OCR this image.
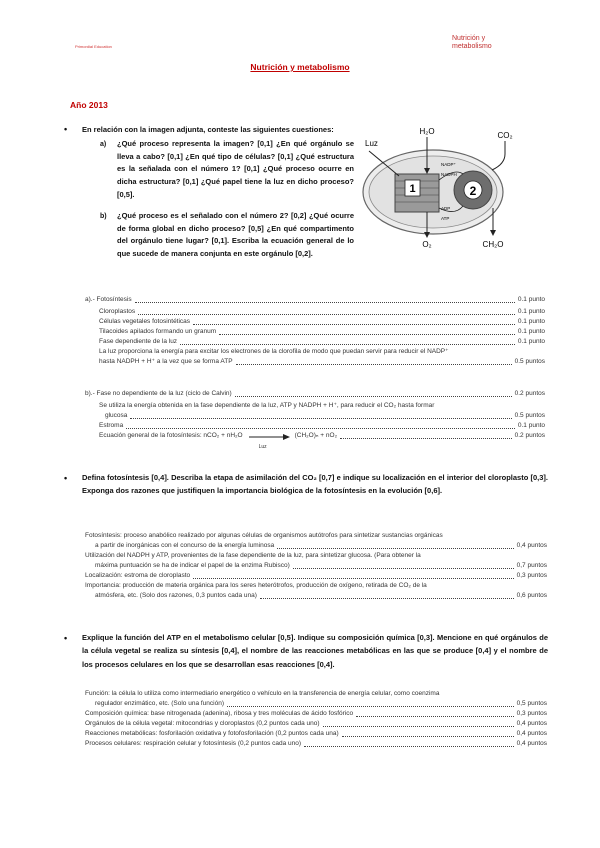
Primordial Education
Nutrición y metabolismo
Nutrición y metabolismo
Año 2013
• En relación con la imagen adjunta, conteste las siguientes cuestiones:
a) ¿Qué proceso representa la imagen? [0,1] ¿En qué orgánulo se lleva a cabo? [0,1] ¿En qué tipo de células? [0,1] ¿Qué estructura es la señalada con el número 1? [0,1] ¿Qué proceso ocurre en dicha estructura? [0,1] ¿Qué papel tiene la luz en dicho proceso? [0,5].
b) ¿Qué proceso es el señalado con el número 2? [0,2] ¿Qué ocurre de forma global en dicho proceso? [0,5] ¿En qué compartimento del orgánulo tiene lugar? [0,1]. Escriba la ecuación general de lo que sucede de manera conjunta en este orgánulo [0,2].
1	2
H₂O	CO₂
Luz
NADP⁺
NADPH
ADP
ATP
O₂	CH₂O
a).- Fotosíntesis	0.1 punto
Cloroplastos	0.1 punto
Células vegetales fotosintéticas	0.1 punto
Tilacoides apilados formando un granum	0.1 punto
Fase dependiente de la luz	0.1 punto
La luz proporciona la energía para excitar los electrones de la clorofila de modo que puedan servir para reducir el NADP⁺
hasta NADPH + H⁺ a la vez que se forma ATP	0.5 puntos
b).- Fase no dependiente de la luz (ciclo de Calvin)	0.2 puntos
Se utiliza la energía obtenida en la fase dependiente de la luz, ATP y NADPH + H⁺, para reducir el CO₂ hasta formar
glucosa	0.5 puntos
Estroma	0.1 punto
Ecuación general de la fotosíntesis: nCO₂ + nH₂O
Luz
(CH₂O)ₙ + nO₂	0.2 puntos
• Defina fotosíntesis [0,4]. Describa la etapa de asimilación del CO₂ [0,7] e indique su localización en el interior del cloroplasto [0,3]. Exponga dos razones que justifiquen la importancia biológica de la fotosíntesis en la evolución [0,6].
Fotosíntesis: proceso anabólico realizado por algunas células de organismos autótrofos para sintetizar sustancias orgánicas
a partir de inorgánicas con el concurso de la energía luminosa	0,4 puntos
Utilización del NADPH y ATP, provenientes de la fase dependiente de la luz, para sintetizar glucosa. (Para obtener la
máxima puntuación se ha de indicar el papel de la enzima Rubisco)	0,7 puntos
Localización: estroma de cloroplasto	0,3 puntos
Importancia: producción de materia orgánica para los seres heterótrofos, producción de oxígeno, retirada de CO₂ de la
atmósfera, etc. (Solo dos razones, 0,3 puntos cada una)	0,6 puntos
• Explique la función del ATP en el metabolismo celular [0,5]. Indique su composición química [0,3]. Mencione en qué orgánulos de la célula vegetal se realiza su síntesis [0,4], el nombre de las reacciones metabólicas en las que se produce [0,4] y el nombre de los procesos celulares en los que se desarrollan esas reacciones [0,4].
Función: la célula lo utiliza como intermediario energético o vehículo en la transferencia de energía celular, como coenzima
regulador enzimático, etc. (Solo una función)	0,5 puntos
Composición química: base nitrogenada (adenina), ribosa y tres moléculas de ácido fosfórico	0,3 puntos
Orgánulos de la célula vegetal: mitocondrias y cloroplastos (0,2 puntos cada uno)	0,4 puntos
Reacciones metabólicas: fosforilación oxidativa y fotofosforilación (0,2 puntos cada una)	0,4 puntos
Procesos celulares: respiración celular y fotosíntesis (0,2 puntos cada uno)	0,4 puntos
